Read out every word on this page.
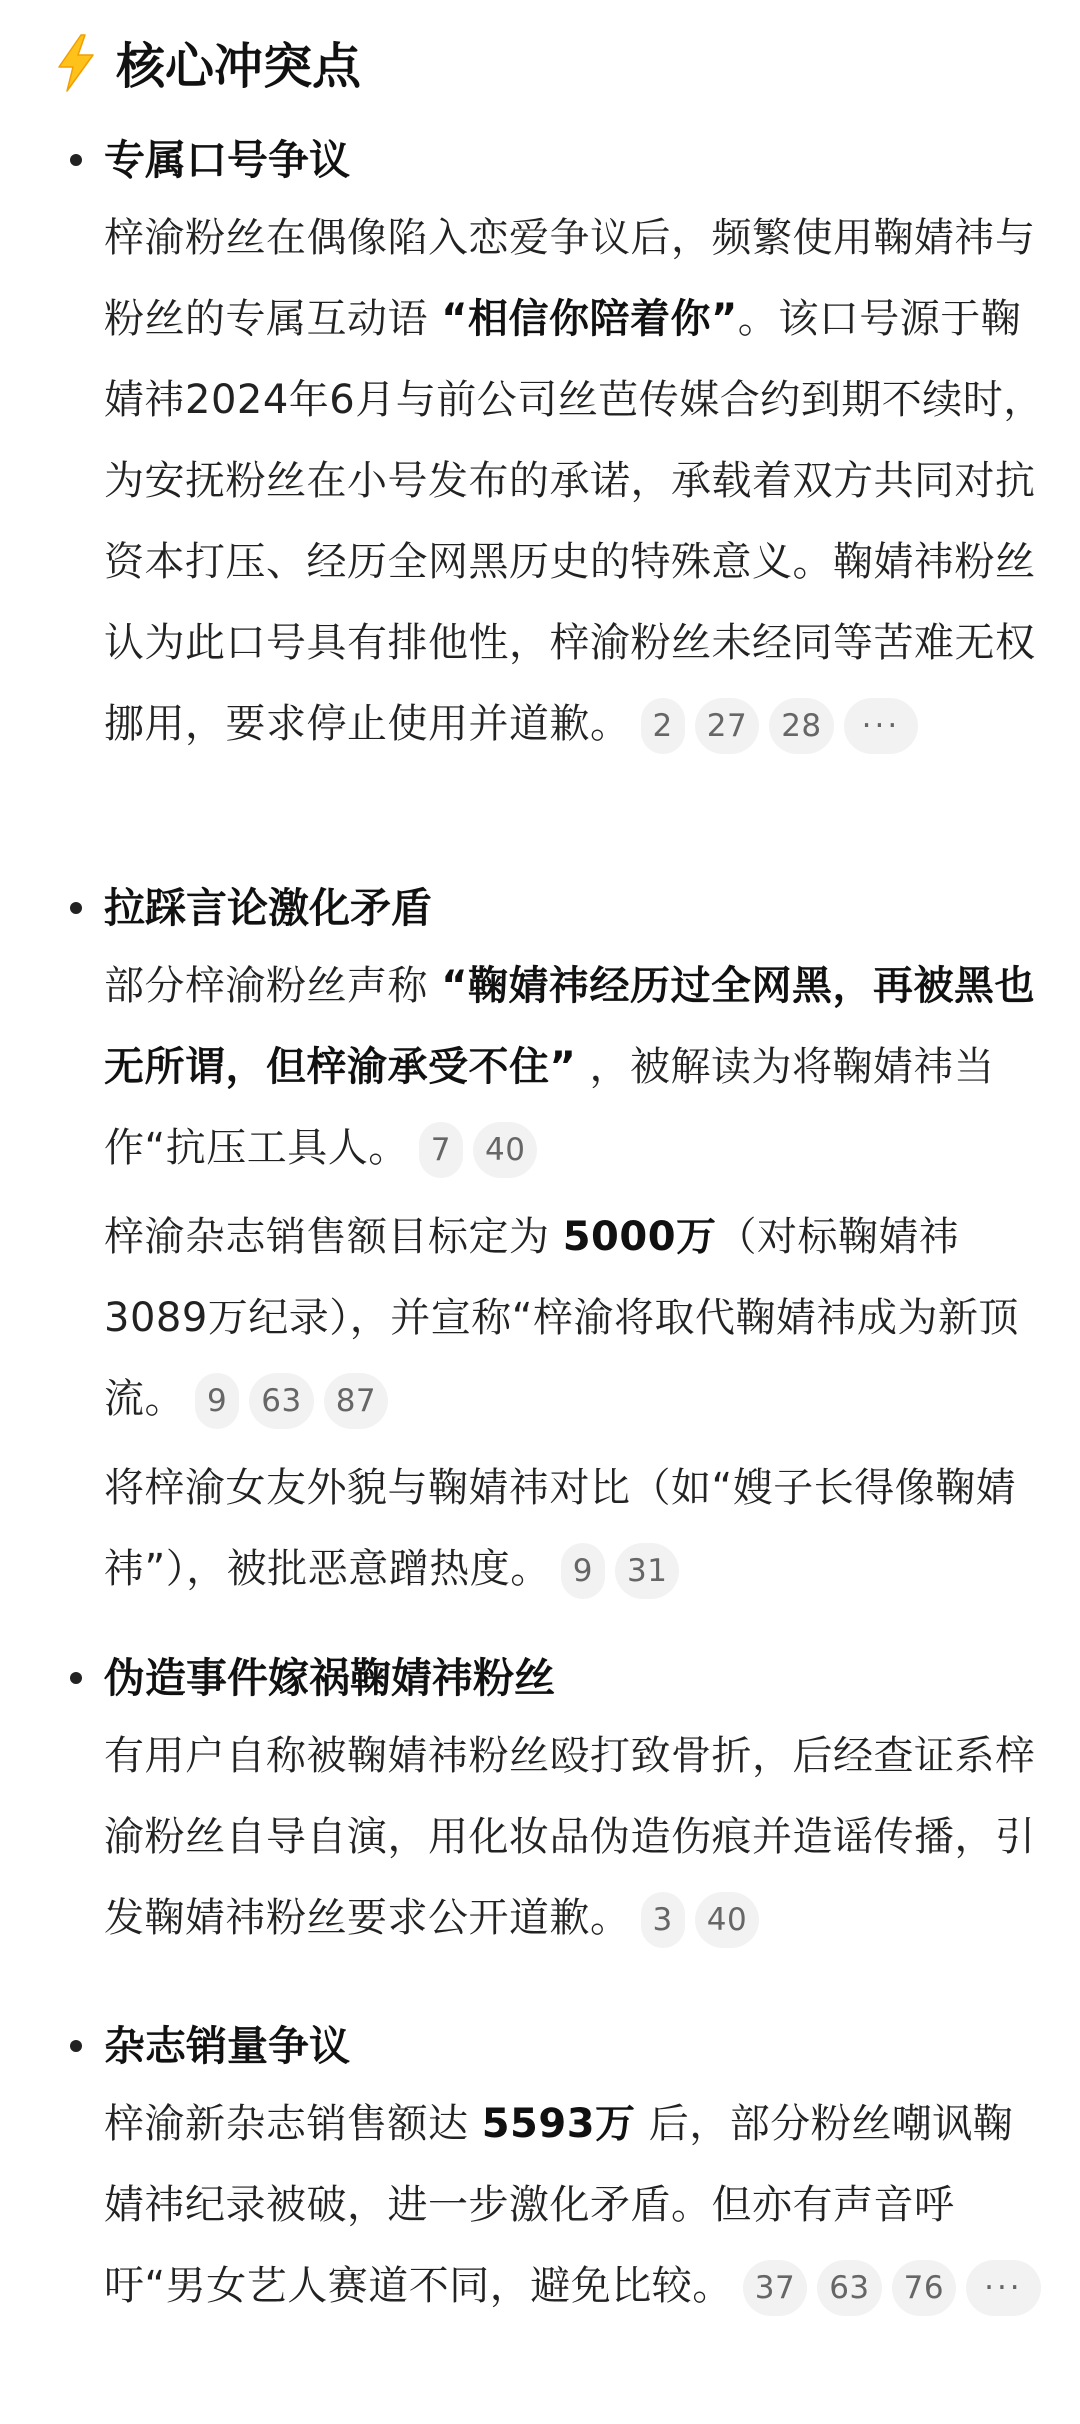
核心冲突点
专属口号争议
梓渝粉丝在偶像陷入恋爱争议后，频繁使用鞠婧祎与粉丝的专属互动语 “相信你陪着你”。该口号源于鞠婧祎2024年6月与前公司丝芭传媒合约到期不续时，为安抚粉丝在小号发布的承诺，承载着双方共同对抗资本打压、经历全网黑历史的特殊意义。鞠婧祎粉丝认为此口号具有排他性，梓渝粉丝未经同等苦难无权挪用，要求停止使用并道歉。 2 27 28 ···
拉踩言论激化矛盾
部分梓渝粉丝声称 “鞠婧祎经历过全网黑，再被黑也无所谓，但梓渝承受不住” ，被解读为将鞠婧祎当作“抗压工具人。 7 40
梓渝杂志销售额目标定为 5000万（对标鞠婧祎3089万纪录），并宣称“梓渝将取代鞠婧祎成为新顶流。 9 63 87
将梓渝女友外貌与鞠婧祎对比（如“嫂子长得像鞠婧祎”），被批恶意蹭热度。 9 31
伪造事件嫁祸鞠婧祎粉丝
有用户自称被鞠婧祎粉丝殴打致骨折，后经查证系梓渝粉丝自导自演，用化妆品伪造伤痕并造谣传播，引发鞠婧祎粉丝要求公开道歉。 3 40
杂志销量争议
梓渝新杂志销售额达 5593万 后，部分粉丝嘲讽鞠婧祎纪录被破，进一步激化矛盾。但亦有声音呼吁“男女艺人赛道不同，避免比较。 37 63 76 ···
